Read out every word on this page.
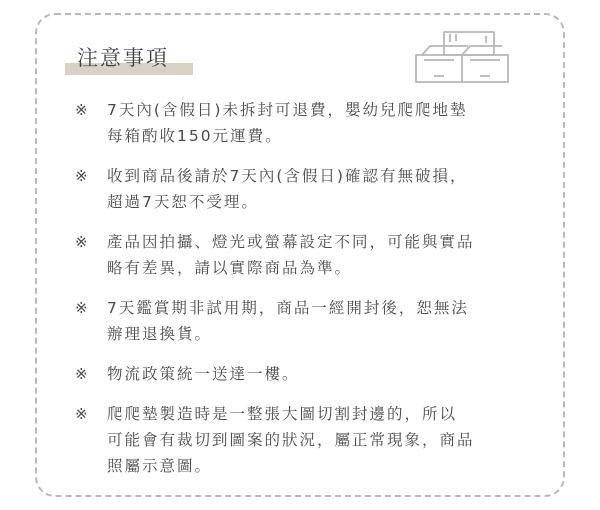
注意事項
※ 7天內(含假日)未拆封可退費，嬰幼兒爬爬地墊
每箱酌收150元運費。
※ 收到商品後請於7天內(含假日)確認有無破損，
超過7天恕不受理。
※ 產品因拍攝、燈光或螢幕設定不同，可能與實品
略有差異，請以實際商品為準。
※ 7天鑑賞期非試用期，商品一經開封後，恕無法
辦理退換貨。
※ 物流政策統一送達一樓。
※ 爬爬墊製造時是一整張大圖切割封邊的，所以
可能會有裁切到圖案的狀況，屬正常現象，商品
照屬示意圖。
